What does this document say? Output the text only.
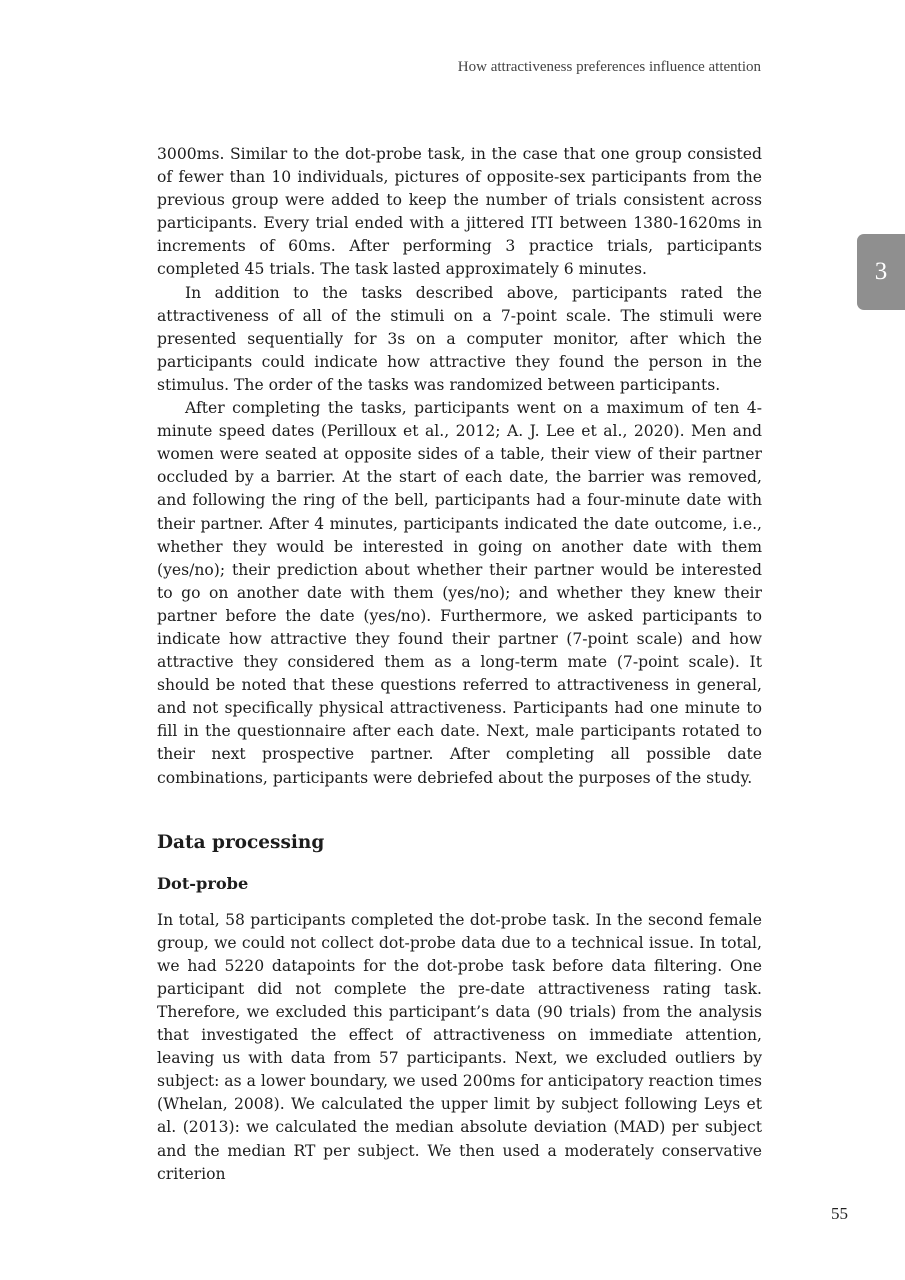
How attractiveness preferences influence attention
3

3000ms. Similar to the dot-probe task, in the case that one group consisted of fewer than 10 individuals, pictures of opposite-sex participants from the previous group were added to keep the number of trials consistent across participants. Every trial ended with a jittered ITI between 1380-1620ms in increments of 60ms. After performing 3 practice trials, participants completed 45 trials. The task lasted approximately 6 minutes.

In addition to the tasks described above, participants rated the attractiveness of all of the stimuli on a 7-point scale. The stimuli were presented sequentially for 3s on a computer monitor, after which the participants could indicate how attractive they found the person in the stimulus. The order of the tasks was randomized between participants.

After completing the tasks, participants went on a maximum of ten 4-minute speed dates (Perilloux et al., 2012; A. J. Lee et al., 2020). Men and women were seated at opposite sides of a table, their view of their partner occluded by a barrier. At the start of each date, the barrier was removed, and following the ring of the bell, participants had a four-minute date with their partner. After 4 minutes, participants indicated the date outcome, i.e., whether they would be interested in going on another date with them (yes/no); their prediction about whether their partner would be interested to go on another date with them (yes/no); and whether they knew their partner before the date (yes/no). Furthermore, we asked participants to indicate how attractive they found their partner (7-point scale) and how attractive they considered them as a long-term mate (7-point scale). It should be noted that these questions referred to attractiveness in general, and not specifically physical attractiveness. Participants had one minute to fill in the questionnaire after each date. Next, male participants rotated to their next prospective partner. After completing all possible date combinations, participants were debriefed about the purposes of the study.

Data processing
Dot-probe

In total, 58 participants completed the dot-probe task. In the second female group, we could not collect dot-probe data due to a technical issue. In total, we had 5220 datapoints for the dot-probe task before data filtering. One participant did not complete the pre-date attractiveness rating task. Therefore, we excluded this participant’s data (90 trials) from the analysis that investigated the effect of attractiveness on immediate attention, leaving us with data from 57 participants. Next, we excluded outliers by subject: as a lower boundary, we used 200ms for anticipatory reaction times (Whelan, 2008). We calculated the upper limit by subject following Leys et al. (2013): we calculated the median absolute deviation (MAD) per subject and the median RT per subject. We then used a moderately conservative criterion

55
